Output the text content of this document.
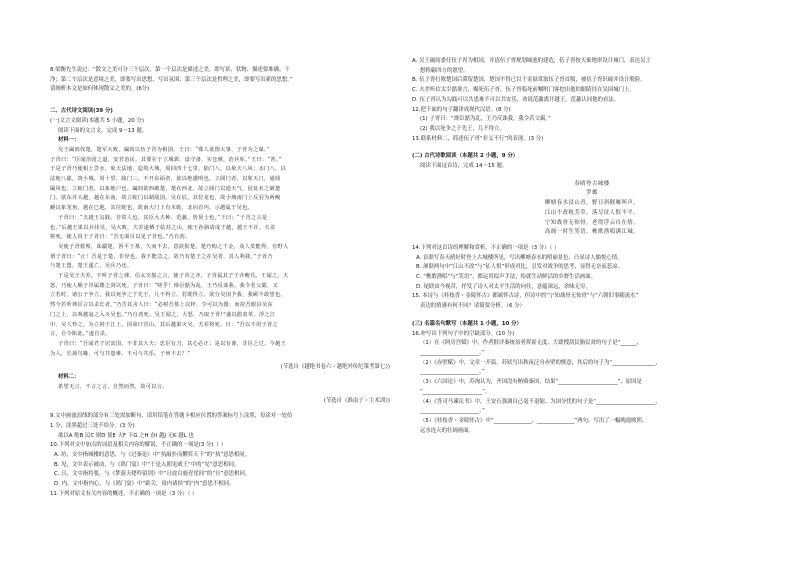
8.梁衡先生说过：“散文之美可分三个层次。第一个层次是描述之美，即写景、状物、描述要准确、干
净；第二个层次是意境之美，即要写出思想、写出氛围；第三个层次是哲理之美，即要写出新的思想。”
请阐析本文是如何体现散文之美的。(6分)
二、古代诗文阅读(39 分)
(一)文言文阅读(本题共 5 小题，20 分)
阅读下面的文言文，完成 9～13 题。
材料一：
吴王阖闾伐楚，楚军大败。阖闾以伍子胥为相国，王曰：“寡人欲图大事，子胥为之谋。”
子胥曰：“臣闻治国之道，安君治民，其要在于立城郭，设守备，实仓廪，治兵库。”王曰：“善。”
于是子胥乃使相土尝水，象天法地，造筑大城，周回四十七里。陆门八，以象天八风；水门八，以
法地八聪。筑小城，周十里，陵门三，不开东面者，欲以绝越明也。立阊门者，以象天门，通阊
阖风也。立蛇门者，以象地户也。阖闾欲西破楚，楚在西北，故立阊门以通天气，因复名之破楚
门。欲东并大越，越在东南，故立蛇门以制敌国。吴在辰，其位龙也，故小城南门上反羽为两鲵
鱙以象龙角。越在巳地，其位蛇也，故南大门上有木蛇，北向首内，示越属于吴也。
子胥曰：“夫越王勾践，非常人也，其臣大夫种、范蠡，皆贤士也。”王曰：“子胥之言是
也。”后越王果以兵伐吴，吴大败。夫差遂栖于姑苏之山，使王孙骆请成于越，越王不许。夫差
将死，使人说于子胥曰：“吾无面目以见子胥也。”乃自刭。
吴使子胥救蔡，诛疆楚，笞平王墓，久而不去，意欲报楚。楚乃购之千金，众人莫能得。有野人
谓子胥曰：“止！吾是于楚，非异也。我不能急之，故乃有楚子之在吴者，其人利我。”子胥乃
与楚王盟，楚王遂亡，吴兵乃还。
于是吴王夫差，不听子胥之谏，信太宰嚭之言，使子胥之齐，子胥属其子于齐鲍氏。王闻之，大
怒，乃使人赐子胥属镂之剑以死。子胥曰：“嗟乎！谗臣嚭为乱，王乃反诛我。我令若父霸，又
立若时，诸公子争立，我以死争之于先王，几不得立。若既得立，欲分吴国予我，我顾不敢望也。
然今若听谀臣言以杀长者。”乃告其舍人曰：“必树吾墓上以梓，令可以为器；而抉吾眼县吴东
门之上，以观越寇之入灭吴也。”乃自刭死。吴王闻之，大怒，乃取子胥尸盛以鸱夷革，浮之江
中。吴人怜之，为立祠于江上，因命曰胥山。其后越果灭吴，夫差将死，曰：“吾以不用子胥之
言，自令陷此。”遂自杀。
子胥曰：“吾闻君子居其国，不非其大夫；忠臣有刀，其心必正；是以有谗，非臣之过。今越王
为人，长颈鸟喙，可与共患难，不可与共乐。子何不去？”
(节选自《越绝书卷六・越绝外传纪策考第七》)
材料二：
希望无言，不言之言，自然而然，故可以言。
(节选自《淮南子・主术训》)
9.文中画波浪线的部分有三处需加断句，请用铅笔在答题卡相应位置的答案标号上涂黑，每涂对一处给
1 分，涂黑超过三处不给分。(3 分)
欲以A 绝B 民C 则D 使E 天F 下G 之H 奋I 越J 无K 越L 也
10.下列对文中加点的词语及相关内容的解说，不正确的一项是(3 分)（ ）
A. 坊，文中指城楼的意思，与《过秦论》中“执敲扑而鞭笞天下”的“执”意思相同。
B. 见，文中表示被动，与《鸿门宴》中“于是入朝见威王”中的“见”意思相同。
C. 且，文中指将要，与《梦游天姥吟留别》中“且放白鹿青崖间”的“且”意思相同。
D. 内，文中指内心，与《鸿门宴》中“距关，毋内诸侯”的“内”意思不相同。
11.下列对原文有关内容的概述，不正确的一项是（3 分）（ ）
A. 吴王阖闾委任伍子胥为相国，并请伍子胥规划城池的建造，伍子胥按天象地形设计城门，表达吴王
想称霸四方的愿望。
B. 伍子胥打败楚国后滞留楚国，楚国不得已以千金悬赏取伍子胥首级，被伍子胥识破并设计脱险。
C. 夫差听信太宰嚭谗言，赐死伍子胥，伍子胥临死前嘱咐门客挖出他的眼睛挂在吴国城门上。
D. 伍子胥认为勾践可以共患难不可以共安乐，劝说范蠡离开越王，范蠡认同他的看法。
12.把下面的句子翻译成现代汉语。(8 分)
(1) 子胥曰：“谗臣嚭为乱，王乃反诛我。我令若父霸。”
(2) 我以死争之于先王，几不得立。
13.联系材料二，简述伍子胥“非义不行”的表现。(3 分)
(二) 古代诗歌阅读（本题共 2 小题，9 分）
阅读下面这首诗，完成 14～15 题。
春晴登古城楼
罗邺
柳塘春水浸山青，野日斜催雁叫声。
江山不改秋芳草，落尽征人恨不平。
宁知战骨无惊骨，老得浮云自在情。
高阁一时生笑语，樵歌渔唱满江城。
14.下列对这首诗的理解和赏析，不正确的一项是（3 分）（ ）
A. 首联写春天晴好时登上古城楼所见，写出柳塘春水的明丽景色，凸显诗人愉悦心情。
B. 颔联两句中“江山不改”与“征人恨”形成对比，引发对战争的思考，显得无奈而悲凉。
C. “樵歌渔唱”与“笑语”，都运用拟声手法，绘就生动鲜活的乡野生活画面。
D. 尾联由今视昔，抒发了诗人对太平生活的向往，意蕴深远，余味无穷。
15. 本诗与《桂枝香・金陵怀古》都属怀古诗，但诗中的“宁知战骨无惊骨”与“六朝旧事随流水”
表达的情感有何不同？请简要分析。（6 分）
(三) 名篇名句默写（本题共 1 小题，10 分）
16.补写出下列句子中的空缺部分。(10 分)
（1）在《阿房宫赋》中，作者批评秦统治者挥霍无度、大肆搜刮民脂民膏的句子是“______，
______________________。”
（2）《赤壁赋》中，文章一开篇，苏轼写出秋夜泛舟赤壁的惬意，其后的句子为“________________，
______________________。”
（3）《六国论》中，苏洵认为，齐国没有贿赂秦国，结果“______________________”，原因是
“______________________”。
（4）《答司马谏议书》中，王安石强调自己毫不退缩、为国分忧的句子是“______________________，
______________________。”
（5）《桂枝香・金陵怀古》中“______________，______________”两句，写出了一幅晚霞映照、
远水连天的壮阔画面。
